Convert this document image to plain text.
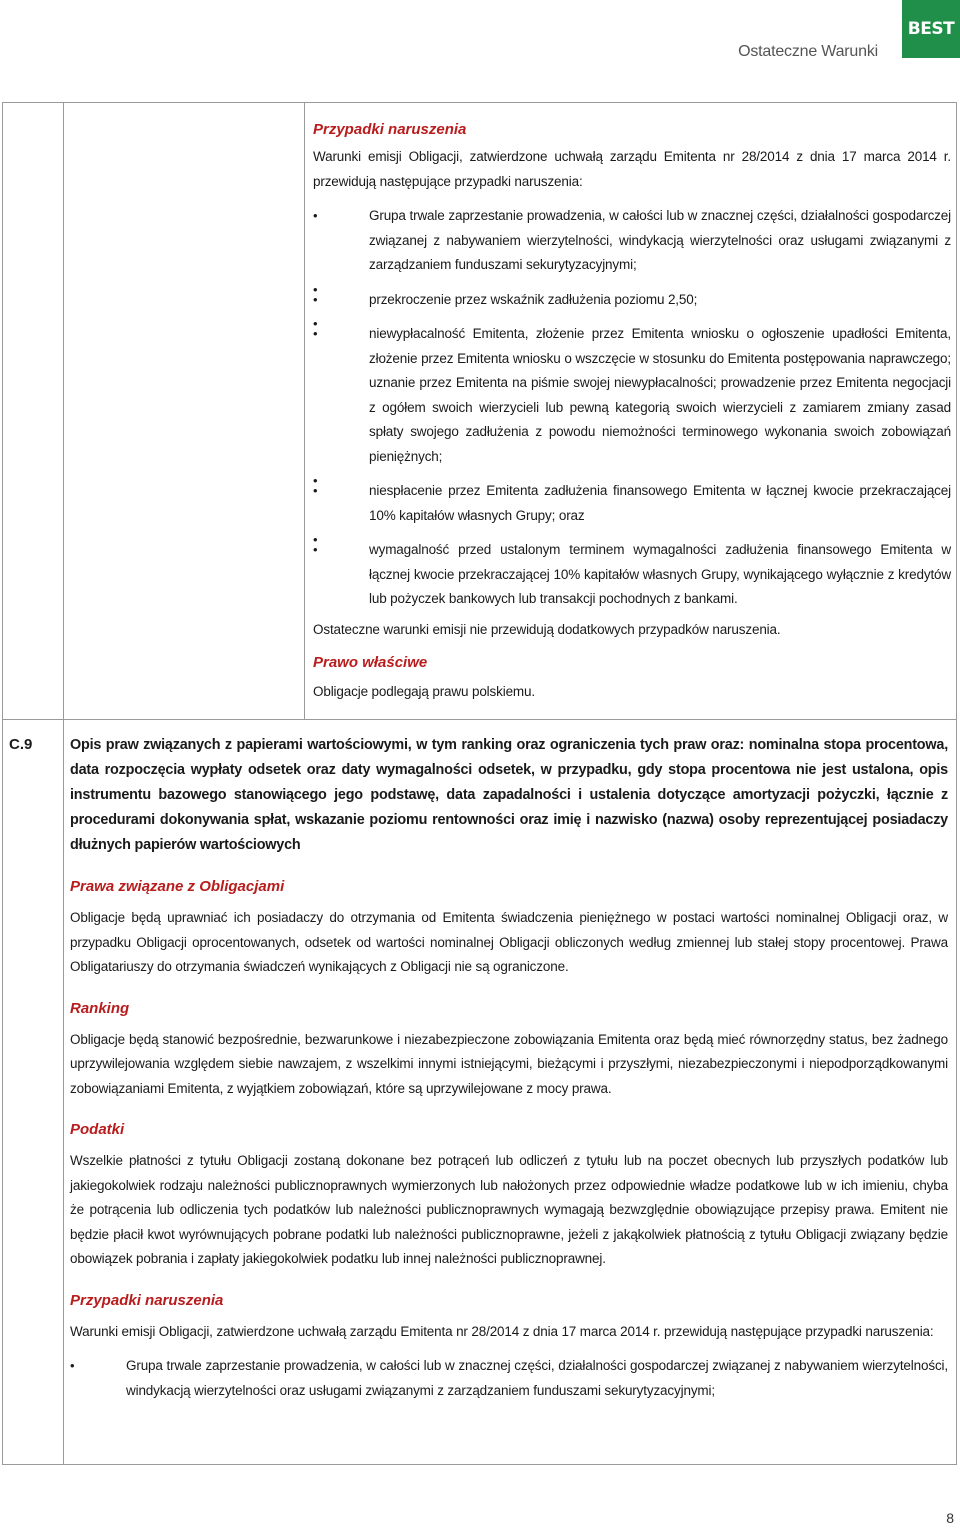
Ostateczne Warunki
BEST
Przypadki naruszenia

Warunki emisji Obligacji, zatwierdzone uchwałą zarządu Emitenta nr 28/2014 z dnia 17 marca 2014 r. przewidują następujące przypadki naruszenia:

• Grupa trwale zaprzestanie prowadzenia, w całości lub w znacznej części, działalności gospodarczej związanej z nabywaniem wierzytelności, windykacją wierzytelności oraz usługami związanymi z zarządzaniem funduszami sekurytyzacyjnymi;
•
• przekroczenie przez wskaźnik zadłużenia poziomu 2,50;
•
• niewypłacalność Emitenta, złożenie przez Emitenta wniosku o ogłoszenie upadłości Emitenta, złożenie przez Emitenta wniosku o wszczęcie w stosunku do Emitenta postępowania naprawczego; uznanie przez Emitenta na piśmie swojej niewypłacalności; prowadzenie przez Emitenta negocjacji z ogółem swoich wierzycieli lub pewną kategorią swoich wierzycieli z zamiarem zmiany zasad spłaty swojego zadłużenia z powodu niemożności terminowego wykonania swoich zobowiązań pieniężnych;
•
• niespłacenie przez Emitenta zadłużenia finansowego Emitenta w łącznej kwocie przekraczającej 10% kapitałów własnych Grupy; oraz
•
• wymagalność przed ustalonym terminem wymagalności zadłużenia finansowego Emitenta w łącznej kwocie przekraczającej 10% kapitałów własnych Grupy, wynikającego wyłącznie z kredytów lub pożyczek bankowych lub transakcji pochodnych z bankami.

Ostateczne warunki emisji nie przewidują dodatkowych przypadków naruszenia.

Prawo właściwe

Obligacje podlegają prawu polskiemu.

C.9	Opis praw związanych z papierami wartościowymi, w tym ranking oraz ograniczenia tych praw oraz: nominalna stopa procentowa, data rozpoczęcia wypłaty odsetek oraz daty wymagalności odsetek, w przypadku, gdy stopa procentowa nie jest ustalona, opis instrumentu bazowego stanowiącego jego podstawę, data zapadalności i ustalenia dotyczące amortyzacji pożyczki, łącznie z procedurami dokonywania spłat, wskazanie poziomu rentowności oraz imię i nazwisko (nazwa) osoby reprezentującej posiadaczy dłużnych papierów wartościowych

Prawa związane z Obligacjami

Obligacje będą uprawniać ich posiadaczy do otrzymania od Emitenta świadczenia pieniężnego w postaci wartości nominalnej Obligacji oraz, w przypadku Obligacji oprocentowanych, odsetek od wartości nominalnej Obligacji obliczonych według zmiennej lub stałej stopy procentowej. Prawa Obligatariuszy do otrzymania świadczeń wynikających z Obligacji nie są ograniczone.

Ranking

Obligacje będą stanowić bezpośrednie, bezwarunkowe i niezabezpieczone zobowiązania Emitenta oraz będą mieć równorzędny status, bez żadnego uprzywilejowania względem siebie nawzajem, z wszelkimi innymi istniejącymi, bieżącymi i przyszłymi, niezabezpieczonymi i niepodporządkowanymi zobowiązaniami Emitenta, z wyjątkiem zobowiązań, które są uprzywilejowane z mocy prawa.

Podatki

Wszelkie płatności z tytułu Obligacji zostaną dokonane bez potrąceń lub odliczeń z tytułu lub na poczet obecnych lub przyszłych podatków lub jakiegokolwiek rodzaju należności publicznoprawnych wymierzonych lub nałożonych przez odpowiednie władze podatkowe lub w ich imieniu, chyba że potrącenia lub odliczenia tych podatków lub należności publicznoprawnych wymagają bezwzględnie obowiązujące przepisy prawa. Emitent nie będzie płacił kwot wyrównujących pobrane podatki lub należności publicznoprawne, jeżeli z jakąkolwiek płatnością z tytułu Obligacji związany będzie obowiązek pobrania i zapłaty jakiegokolwiek podatku lub innej należności publicznoprawnej.

Przypadki naruszenia

Warunki emisji Obligacji, zatwierdzone uchwałą zarządu Emitenta nr 28/2014 z dnia 17 marca 2014 r. przewidują następujące przypadki naruszenia:

• Grupa trwale zaprzestanie prowadzenia, w całości lub w znacznej części, działalności gospodarczej związanej z nabywaniem wierzytelności, windykacją wierzytelności oraz usługami związanymi z zarządzaniem funduszami sekurytyzacyjnymi;
8
